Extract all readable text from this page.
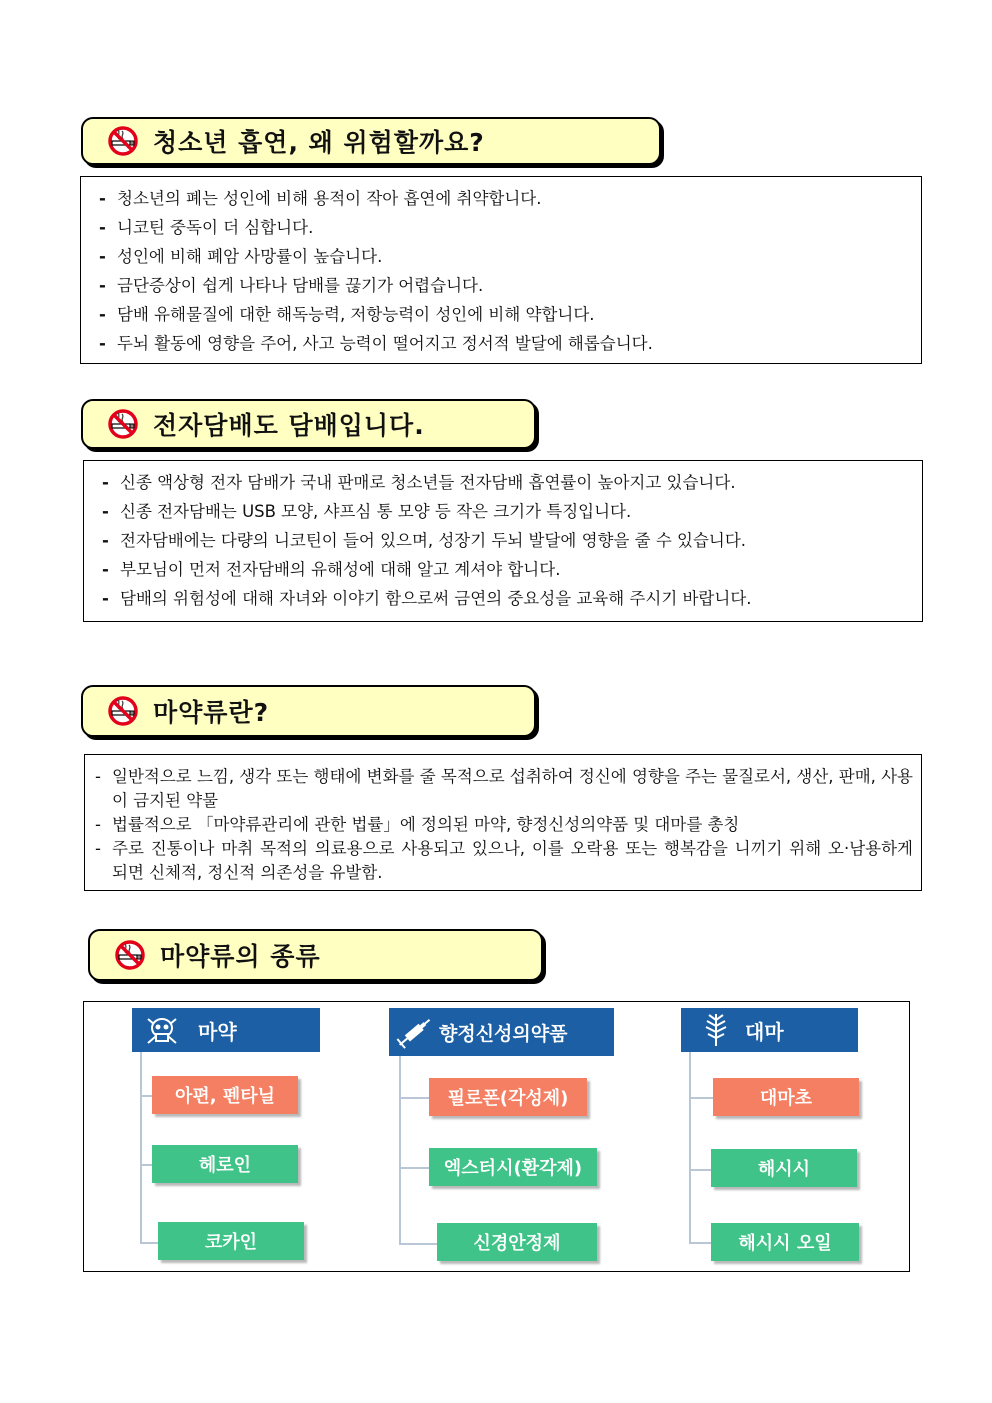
청소년 흡연, 왜 위험할까요?
- 청소년의 폐는 성인에 비해 용적이 작아 흡연에 취약합니다.
- 니코틴 중독이 더 심합니다.
- 성인에 비해 폐암 사망률이 높습니다.
- 금단증상이 쉽게 나타나 담배를 끊기가 어렵습니다.
- 담배 유해물질에 대한 해독능력, 저항능력이 성인에 비해 약합니다.
- 두뇌 활동에 영향을 주어, 사고 능력이 떨어지고 정서적 발달에 해롭습니다.
전자담배도 담배입니다.
- 신종 액상형 전자 담배가 국내 판매로 청소년들 전자담배 흡연률이 높아지고 있습니다.
- 신종 전자담배는 USB 모양, 샤프심 통 모양 등 작은 크기가 특징입니다.
- 전자담배에는 다량의 니코틴이 들어 있으며, 성장기 두뇌 발달에 영향을 줄 수 있습니다.
- 부모님이 먼저 전자담배의 유해성에 대해 알고 계셔야 합니다.
- 담배의 위험성에 대해 자녀와 이야기 함으로써 금연의 중요성을 교육해 주시기 바랍니다.
마약류란?
- 일반적으로 느낌, 생각 또는 행태에 변화를 줄 목적으로 섭취하여 정신에 영향을 주는 물질로서, 생산, 판매, 사용이 금지된 약물
- 법률적으로 「마약류관리에 관한 법률」에 정의된 마약, 향정신성의약품 및 대마를 총칭
- 주로 진통이나 마취 목적의 의료용으로 사용되고 있으나, 이를 오락용 또는 행복감을 니끼기 위해 오·남용하게 되면 신체적, 정신적 의존성을 유발함.
마약류의 종류
마약
아편, 펜타닐
헤로인
코카인
향정신성의약품
필로폰(각성제)
엑스터시(환각제)
신경안정제
대마
대마초
해시시
해시시 오일
